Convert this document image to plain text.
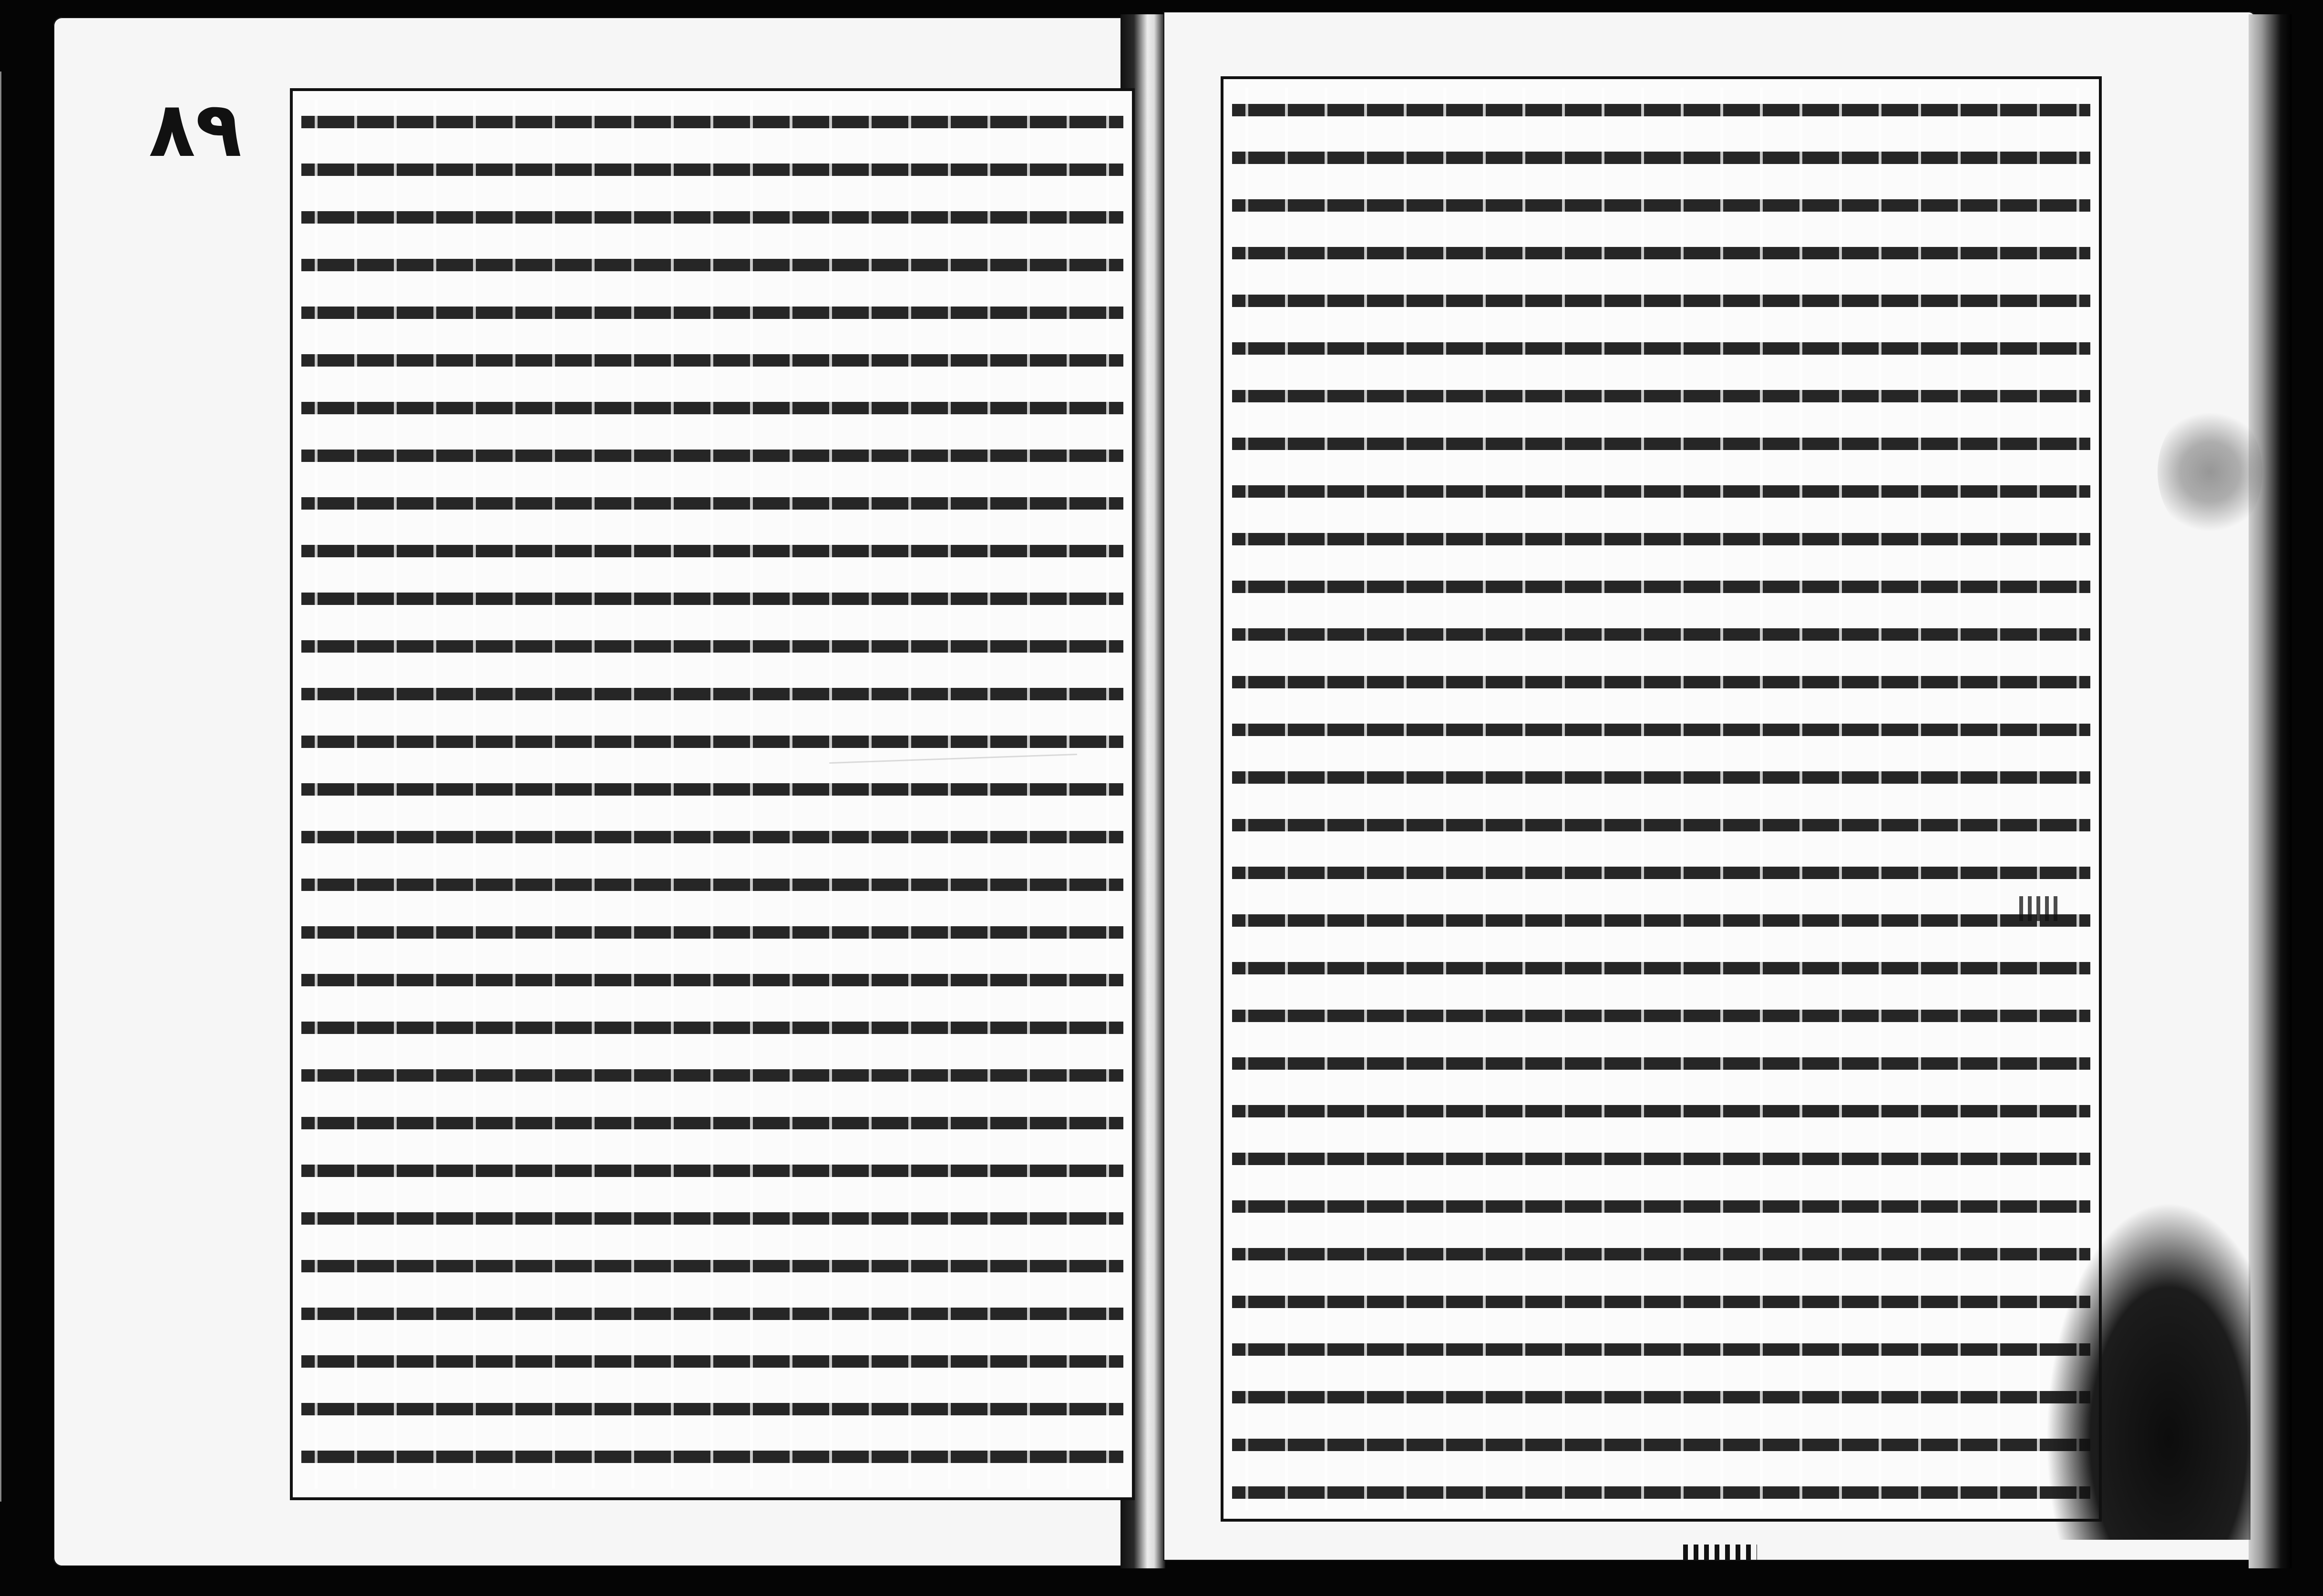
٨٩
